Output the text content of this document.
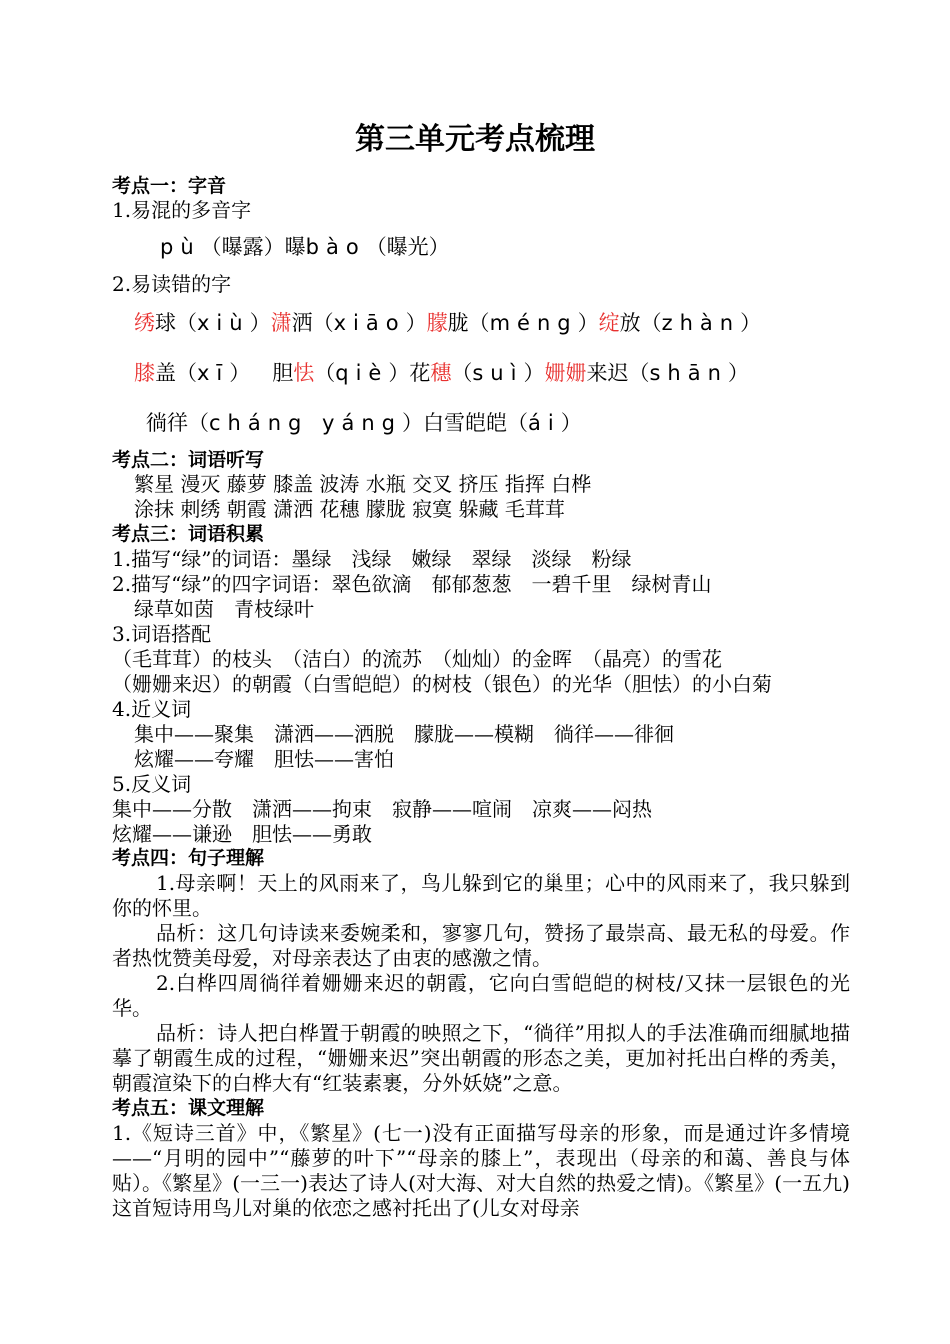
第三单元考点梳理
考点一：字音
1.易混的多音字
pù（曝露）曝bào（曝光）
2.易读错的字
绣球（xiù）潇洒（xiāo）朦胧（méng）绽放（zhàn）
膝盖（xī） 胆怯（qiè）花穗（suì）姗姗来迟（shān）
徜徉（cháng yáng）白雪皑皑（ái）
考点二：词语听写
繁星 漫灭 藤萝 膝盖 波涛 水瓶 交叉 挤压 指挥 白桦
涂抹 刺绣 朝霞 潇洒 花穗 朦胧 寂寞 躲藏 毛茸茸
考点三：词语积累
1.描写“绿”的词语：墨绿　浅绿　嫩绿　翠绿　淡绿　粉绿
2.描写“绿”的四字词语：翠色欲滴　郁郁葱葱　一碧千里　绿树青山
绿草如茵　青枝绿叶
3.词语搭配
（毛茸茸）的枝头　（洁白）的流苏　（灿灿）的金晖　（晶亮）的雪花
（姗姗来迟）的朝霞（白雪皑皑）的树枝（银色）的光华（胆怯）的小白菊
4.近义词
集中——聚集　潇洒——洒脱　朦胧——模糊　徜徉——徘徊
炫耀——夸耀　胆怯——害怕
5.反义词
集中——分散　潇洒——拘束　寂静——喧闹　凉爽——闷热
炫耀——谦逊　胆怯——勇敢
考点四：句子理解
1.母亲啊！天上的风雨来了，鸟儿躲到它的巢里；心中的风雨来了，我只躲到你的怀里。
品析：这几句诗读来委婉柔和，寥寥几句，赞扬了最崇高、最无私的母爱。作者热忱赞美母爱，对母亲表达了由衷的感激之情。
2.白桦四周徜徉着姗姗来迟的朝霞，它向白雪皑皑的树枝/又抹一层银色的光华。
品析：诗人把白桦置于朝霞的映照之下，“徜徉”用拟人的手法准确而细腻地描摹了朝霞生成的过程，“姗姗来迟”突出朝霞的形态之美，更加衬托出白桦的秀美，朝霞渲染下的白桦大有“红装素裹，分外妖娆”之意。
考点五：课文理解
1.《短诗三首》中，《繁星》(七一)没有正面描写母亲的形象，而是通过许多情境——“月明的园中”“藤萝的叶下”“母亲的膝上”，表现出（母亲的和蔼、善良与体贴）。《繁星》(一三一)表达了诗人(对大海、对大自然的热爱之情)。《繁星》(一五九)这首短诗用鸟儿对巢的依恋之感衬托出了(儿女对母亲
